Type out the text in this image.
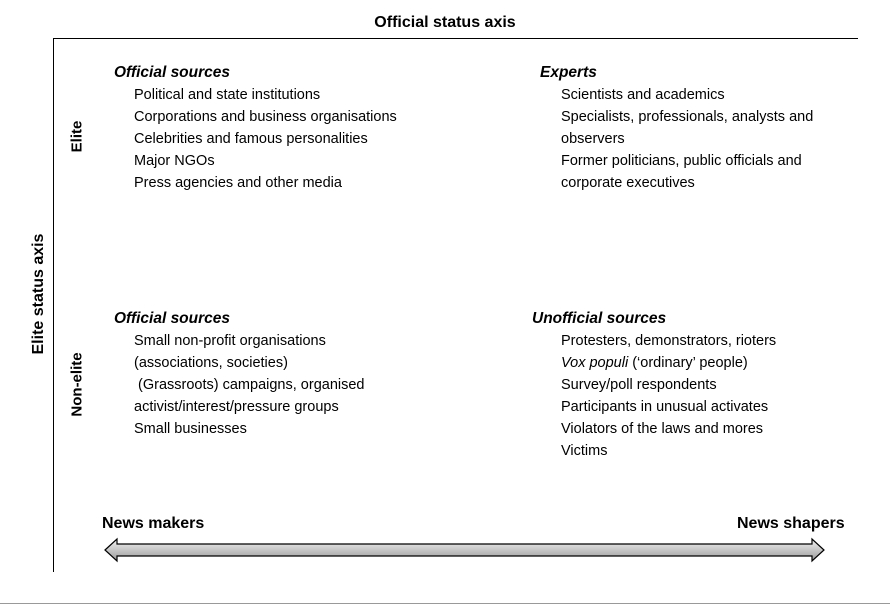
Official status axis
Elite status axis
Elite
Non-elite
Official sources
Political and state institutions
Corporations and business organisations
Celebrities and famous personalities
Major NGOs
Press agencies and other media
Experts
Scientists and academics
Specialists, professionals, analysts and
observers
Former politicians, public officials and
corporate executives
Official sources
Small non-profit organisations
(associations, societies)
(Grassroots) campaigns, organised
activist/interest/pressure groups
Small businesses
Unofficial sources
Protesters, demonstrators, rioters
Vox populi (‘ordinary’ people)
Survey/poll respondents
Participants in unusual activates
Violators of the laws and mores
Victims
News makers	News shapers
